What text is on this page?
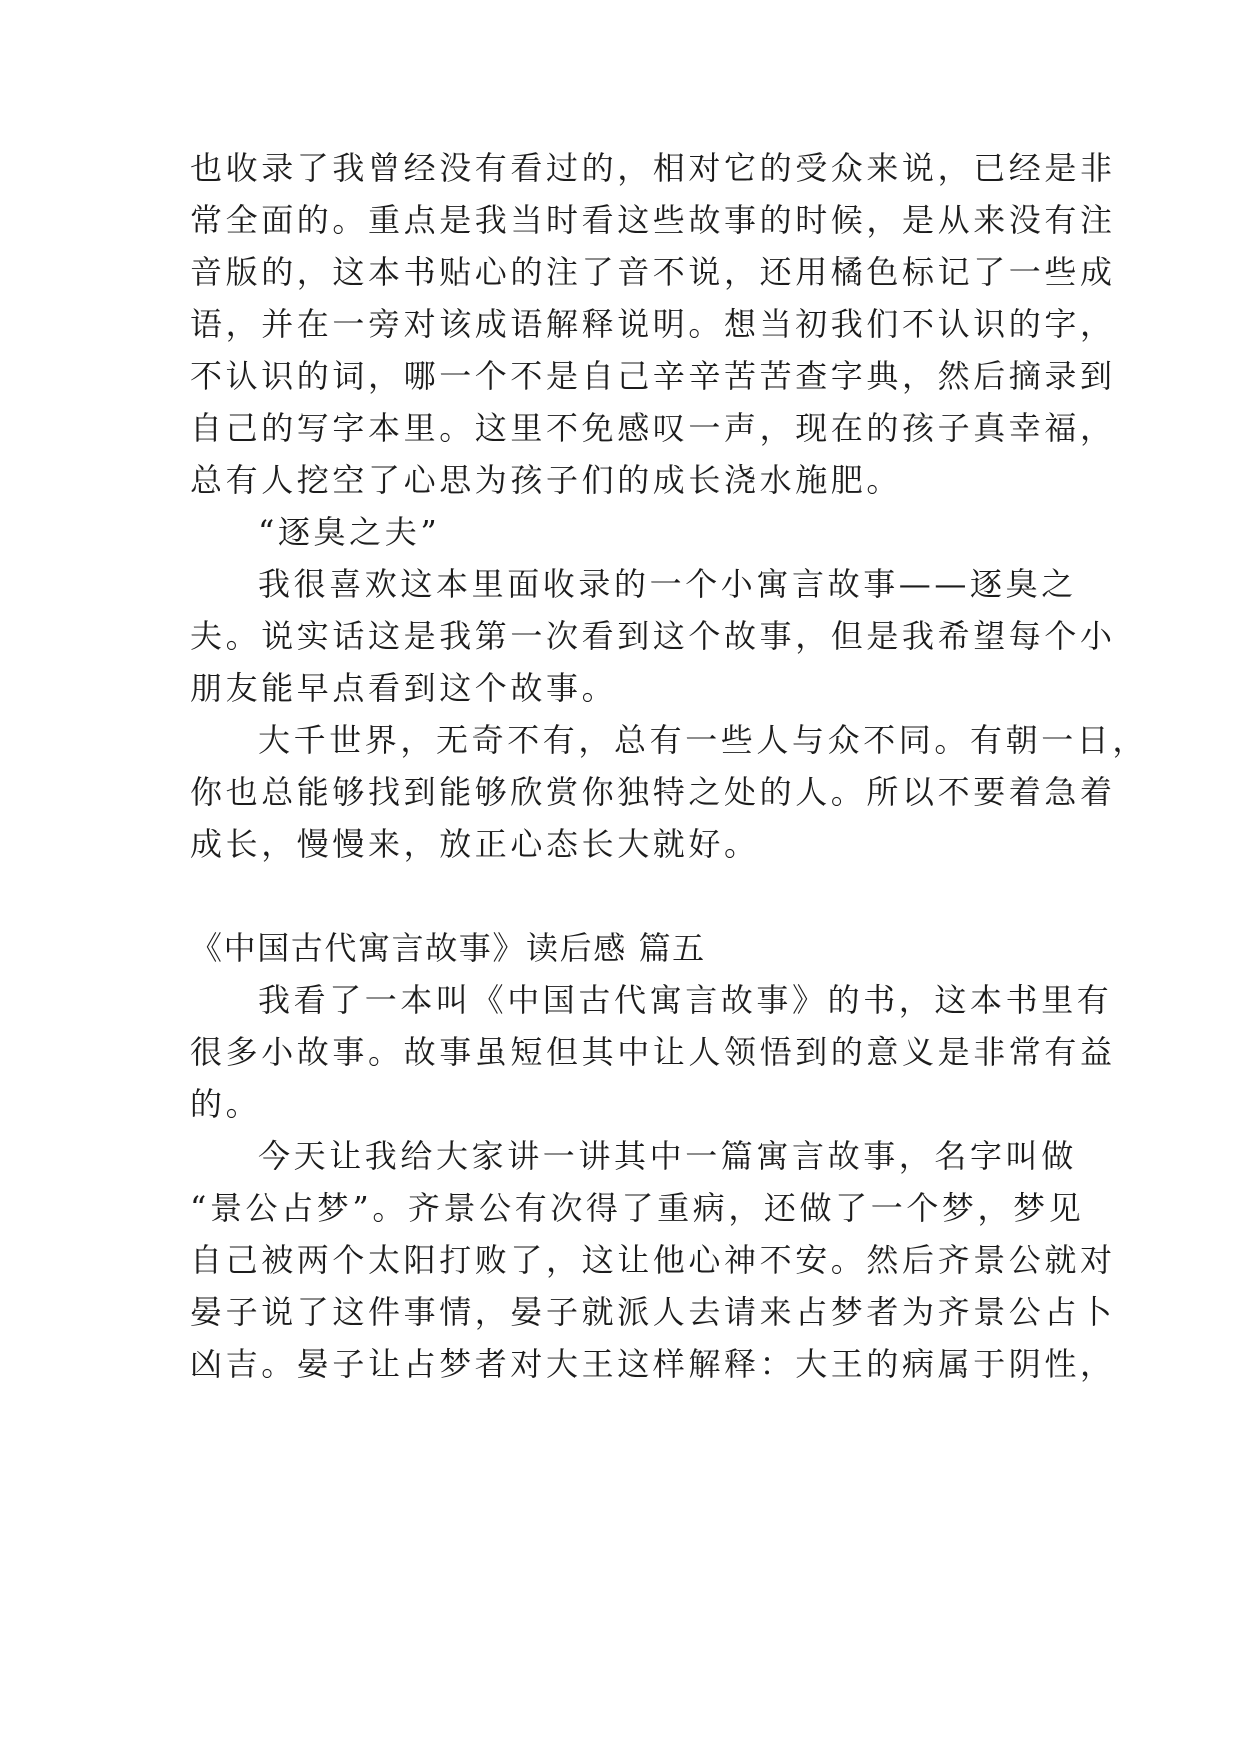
也收录了我曾经没有看过的，相对它的受众来说，已经是非
常全面的。重点是我当时看这些故事的时候，是从来没有注
音版的，这本书贴心的注了音不说，还用橘色标记了一些成
语，并在一旁对该成语解释说明。想当初我们不认识的字，
不认识的词，哪一个不是自己辛辛苦苦查字典，然后摘录到
自己的写字本里。这里不免感叹一声，现在的孩子真幸福，
总有人挖空了心思为孩子们的成长浇水施肥。
“逐臭之夫”
我很喜欢这本里面收录的一个小寓言故事——逐臭之
夫。说实话这是我第一次看到这个故事，但是我希望每个小
朋友能早点看到这个故事。
大千世界，无奇不有，总有一些人与众不同。有朝一日，
你也总能够找到能够欣赏你独特之处的人。所以不要着急着
成长，慢慢来，放正心态长大就好。
《中国古代寓言故事》读后感 篇五
我看了一本叫《中国古代寓言故事》的书，这本书里有
很多小故事。故事虽短但其中让人领悟到的意义是非常有益
的。
今天让我给大家讲一讲其中一篇寓言故事，名字叫做
“景公占梦”。齐景公有次得了重病，还做了一个梦，梦见
自己被两个太阳打败了，这让他心神不安。然后齐景公就对
晏子说了这件事情，晏子就派人去请来占梦者为齐景公占卜
凶吉。晏子让占梦者对大王这样解释：大王的病属于阴性，
